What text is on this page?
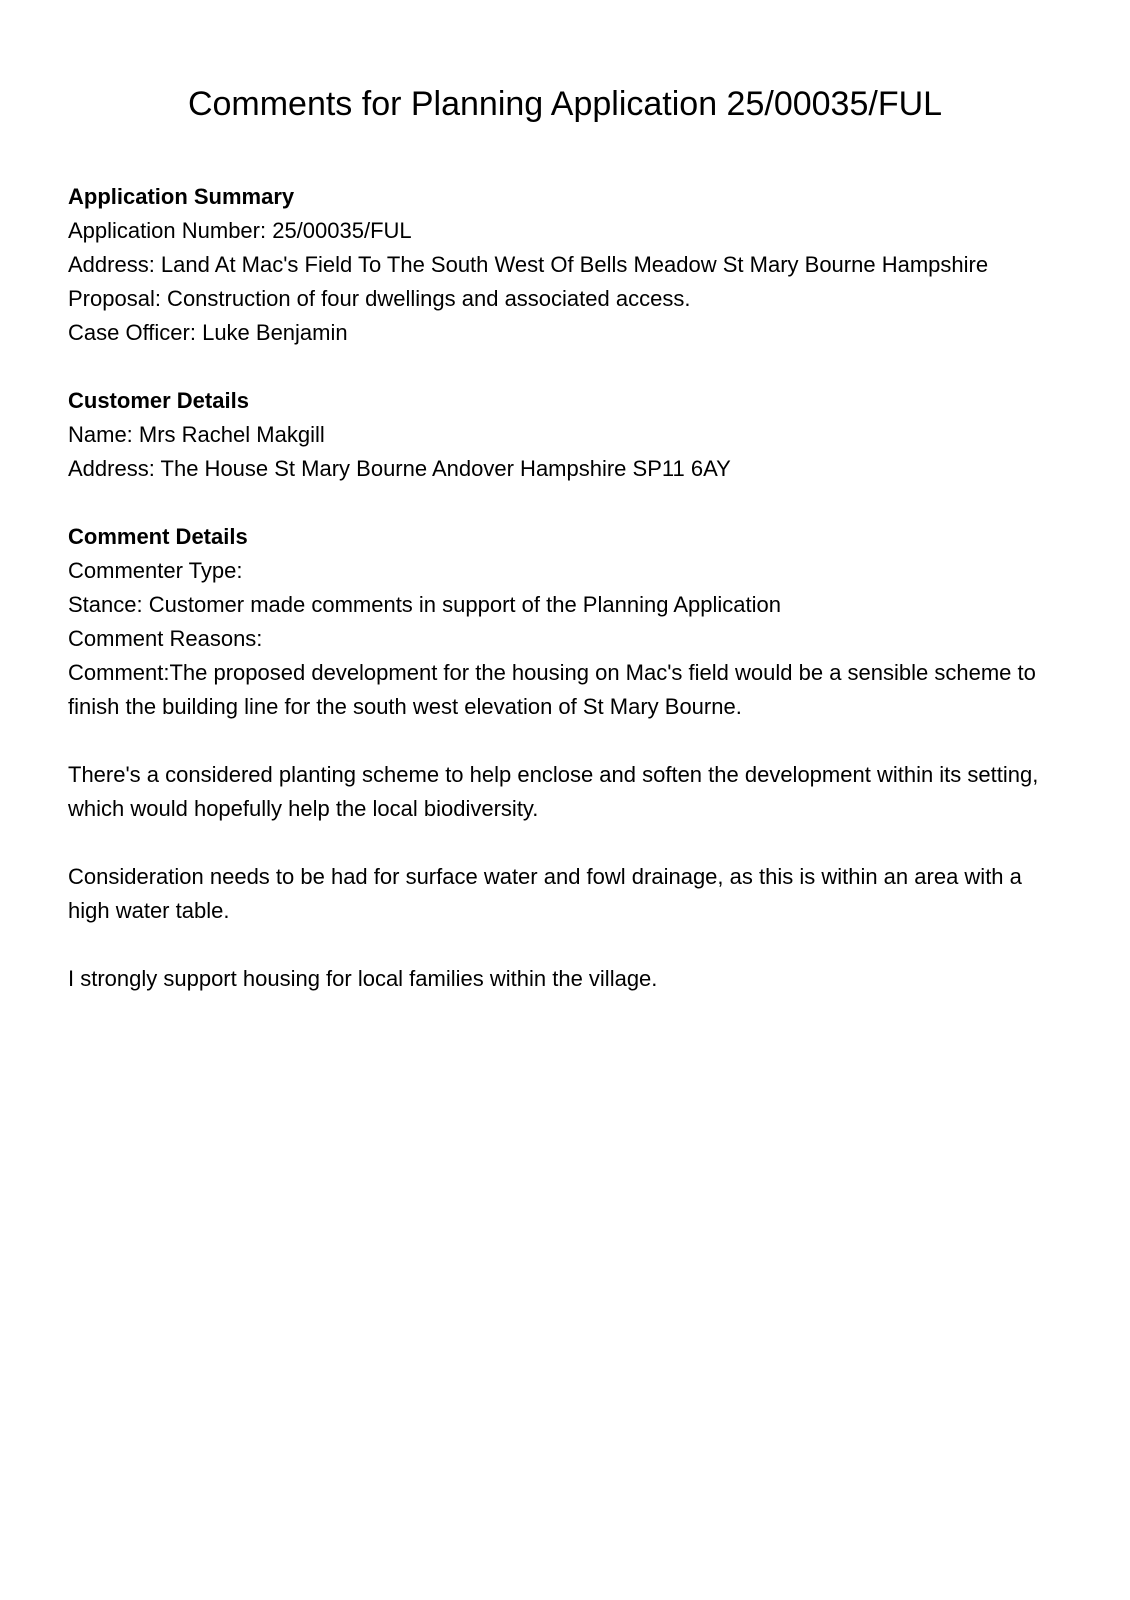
Comments for Planning Application 25/00035/FUL

Application Summary

Application Number: 25/00035/FUL

Address: Land At Mac's Field To The South West Of Bells Meadow St Mary Bourne Hampshire

Proposal: Construction of four dwellings and associated access.

Case Officer: Luke Benjamin

Customer Details

Name: Mrs Rachel Makgill

Address: The House St Mary Bourne Andover Hampshire SP11 6AY

Comment Details

Commenter Type:

Stance: Customer made comments in support of the Planning Application

Comment Reasons:

Comment:The proposed development for the housing on Mac's field would be a sensible scheme to finish the building line for the south west elevation of St Mary Bourne.

There's a considered planting scheme to help enclose and soften the development within its setting, which would hopefully help the local biodiversity.

Consideration needs to be had for surface water and fowl drainage, as this is within an area with a high water table.

I strongly support housing for local families within the village.
